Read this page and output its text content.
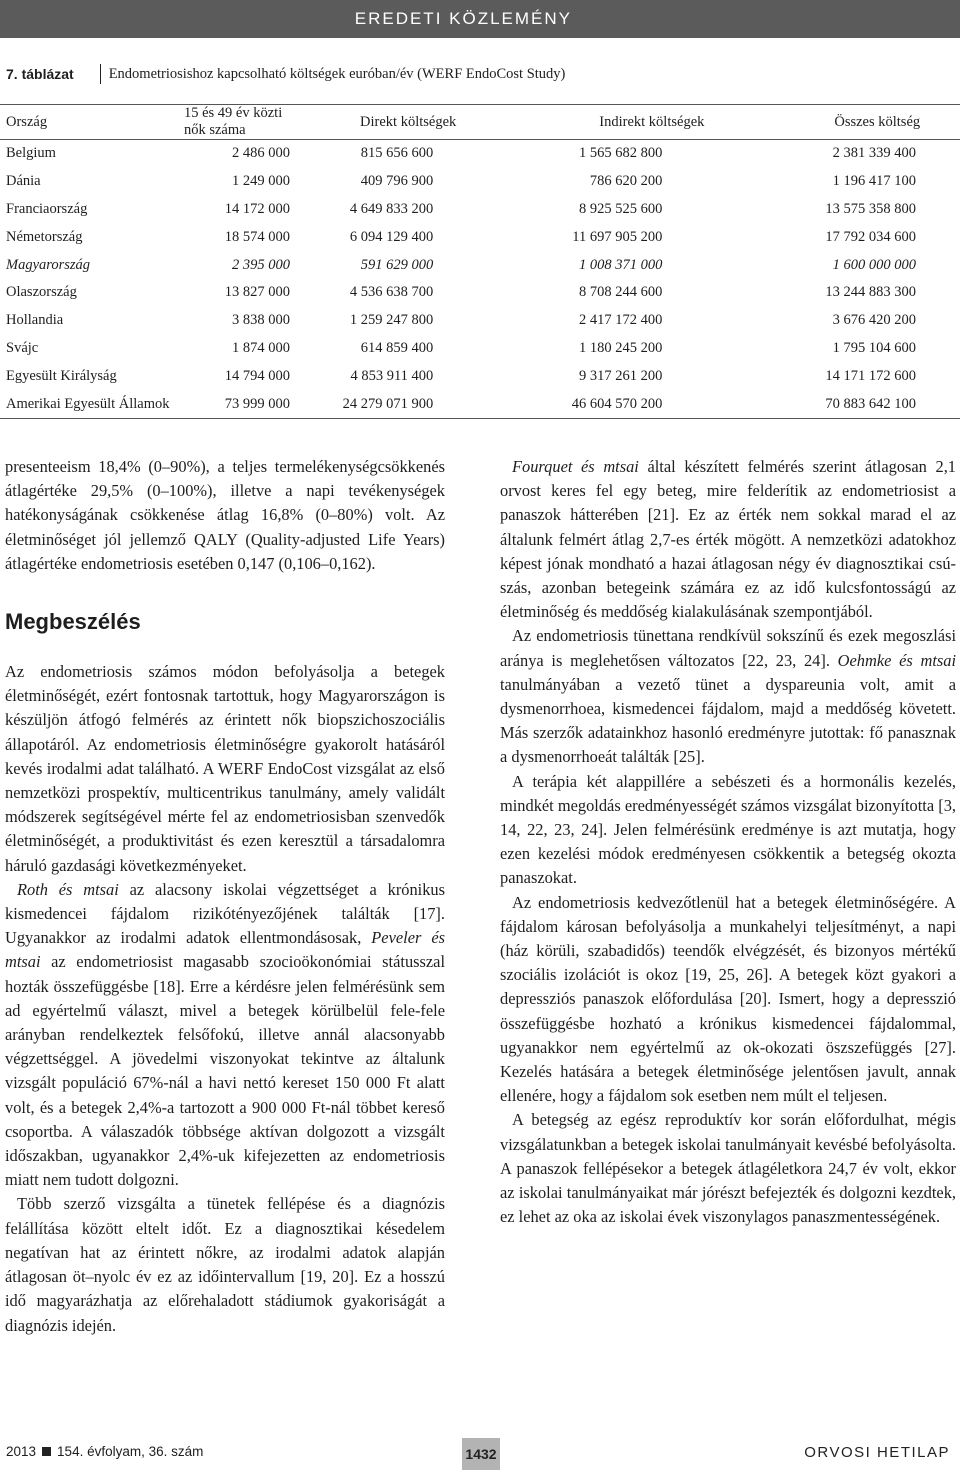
EREDETI KÖZLEMÉNY
7. táblázat Endometriosishoz kapcsolható költségek euróban/év (WERF EndoCost Study)
Ország	15 és 49 év közti nők száma	Direkt költségek	Indirekt költségek	Összes költség
Belgium	2 486 000	815 656 600	1 565 682 800	2 381 339 400
Dánia	1 249 000	409 796 900	786 620 200	1 196 417 100
Franciaország	14 172 000	4 649 833 200	8 925 525 600	13 575 358 800
Németország	18 574 000	6 094 129 400	11 697 905 200	17 792 034 600
Magyarország	2 395 000	591 629 000	1 008 371 000	1 600 000 000
Olaszország	13 827 000	4 536 638 700	8 708 244 600	13 244 883 300
Hollandia	3 838 000	1 259 247 800	2 417 172 400	3 676 420 200
Svájc	1 874 000	614 859 400	1 180 245 200	1 795 104 600
Egyesült Királyság	14 794 000	4 853 911 400	9 317 261 200	14 171 172 600
Amerikai Egyesült Államok	73 999 000	24 279 071 900	46 604 570 200	70 883 642 100

presenteeism 18,4% (0–90%), a teljes termelékenységcsökkenés átlagértéke 29,5% (0–100%), illetve a napi tevékenységek hatékonyságának csökkenése átlag 16,8% (0–80%) volt. Az életminőséget jól jellemző QALY (Quality-adjusted Life Years) átlagértéke endometriosis esetében 0,147 (0,106–0,162).

Megbeszélés

Az endometriosis számos módon befolyásolja a betegek életminőségét, ezért fontosnak tartottuk, hogy Magyarországon is készüljön átfogó felmérés az érintett nők biopszichoszociális állapotáról. Az endometriosis életminőségre gyakorolt hatásáról kevés irodalmi adat található. A WERF EndoCost vizsgálat az első nemzetközi prospektív, multicentrikus tanulmány, amely validált módszerek segítségével mérte fel az endometriosisban szenvedők életminőségét, a produktivitást és ezen keresztül a társadalomra háruló gazdasági következményeket.

Roth és mtsai az alacsony iskolai végzettséget a krónikus kismedencei fájdalom rizikótényezőjének találták [17]. Ugyanakkor az irodalmi adatok ellentmondásosak, Peveler és mtsai az endometriosist magasabb szocioökonómiai státusszal hozták összefüggésbe [18]. Erre a kérdésre jelen felmérésünk sem ad egyértelmű választ, mivel a betegek körülbelül fele-fele arányban rendelkeztek felsőfokú, illetve annál alacsonyabb végzettséggel. A jövedelmi viszonyokat tekintve az általunk vizsgált populáció 67%-nál a havi nettó kereset 150 000 Ft alatt volt, és a betegek 2,4%-a tartozott a 900 000 Ft-nál többet kereső csoportba. A válaszadók többsége aktívan dolgozott a vizsgált időszakban, ugyanakkor 2,4%-uk kifejezetten az endometriosis miatt nem tudott dolgozni.

Több szerző vizsgálta a tünetek fellépése és a diagnózis felállítása között eltelt időt. Ez a diagnosztikai késedelem negatívan hat az érintett nőkre, az irodalmi adatok alapján átlagosan öt–nyolc év ez az időintervallum [19, 20]. Ez a hosszú idő magyarázhatja az előrehaladott stádiumok gyakoriságát a diagnózis idején.

Fourquet és mtsai által készített felmérés szerint átlagosan 2,1 orvost keres fel egy beteg, mire felderítik az endometriosist a panaszok hátterében [21]. Ez az érték nem sokkal marad el az általunk felmért átlag 2,7-es érték mögött. A nemzetközi adatokhoz képest jónak mondható a hazai átlagosan négy év diagnosztikai csúszás, azonban betegeink számára ez az idő kulcsfontosságú az életminőség és meddőség kialakulásának szempontjából.

Az endometriosis tünettana rendkívül sokszínű és ezek megoszlási aránya is meglehetősen változatos [22, 23, 24]. Oehmke és mtsai tanulmányában a vezető tünet a dyspareunia volt, amit a dysmenorrhoea, kismedencei fájdalom, majd a meddőség követett. Más szerzők adatainkhoz hasonló eredményre jutottak: fő panasznak a dysmenorrhoeát találták [25].

A terápia két alappillére a sebészeti és a hormonális kezelés, mindkét megoldás eredményességét számos vizsgálat bizonyította [3, 14, 22, 23, 24]. Jelen felmérésünk eredménye is azt mutatja, hogy ezen kezelési módok eredményesen csökkentik a betegség okozta panaszokat.

Az endometriosis kedvezőtlenül hat a betegek életminőségére. A fájdalom károsan befolyásolja a munkahelyi teljesítményt, a napi (ház körüli, szabadidős) teendők elvégzését, és bizonyos mértékű szociális izolációt is okoz [19, 25, 26]. A betegek közt gyakori a depressziós panaszok előfordulása [20]. Ismert, hogy a depresszió összefüggésbe hozható a krónikus kismedencei fájdalommal, ugyanakkor nem egyértelmű az ok-okozati öszszefüggés [27]. Kezelés hatására a betegek életminősége jelentősen javult, annak ellenére, hogy a fájdalom sok esetben nem múlt el teljesen.

A betegség az egész reproduktív kor során előfordulhat, mégis vizsgálatunkban a betegek iskolai tanulmányait kevésbé befolyásolta. A panaszok fellépésekor a betegek átlagéletkora 24,7 év volt, ekkor az iskolai tanulmányaikat már jórészt befejezték és dolgozni kezdtek, ez lehet az oka az iskolai évek viszonylagos panaszmentességének.

2013 154. évfolyam, 36. szám	1432	ORVOSI HETILAP
